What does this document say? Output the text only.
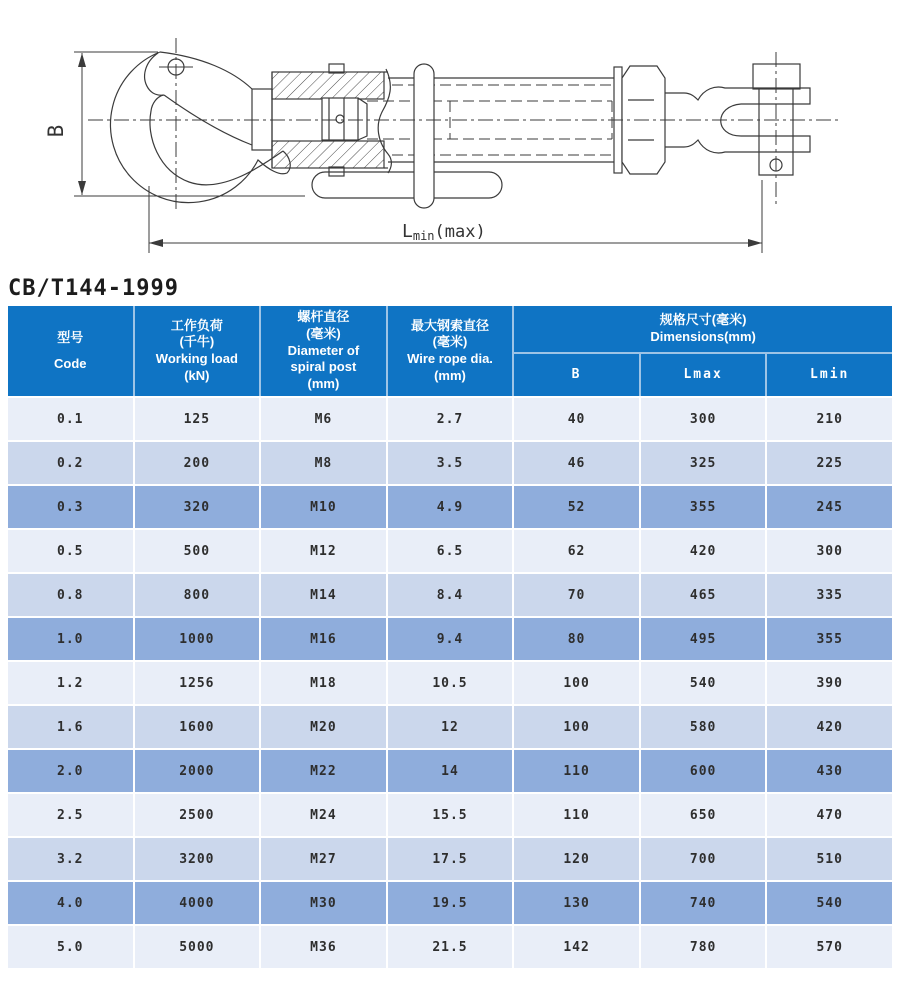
B
Lmin(max)
CB/T144-1999
型号
Code
工作负荷
(千牛)
Working load
(kN)
螺杆直径
(毫米)
Diameter of
spiral post
(mm)
最大钢索直径
(毫米)
Wire rope dia.
(mm)
规格尺寸(毫米)
Dimensions(mm)
B	Lmax	Lmin
0.1	125	M6	2.7	40	300	210
0.2	200	M8	3.5	46	325	225
0.3	320	M10	4.9	52	355	245
0.5	500	M12	6.5	62	420	300
0.8	800	M14	8.4	70	465	335
1.0	1000	M16	9.4	80	495	355
1.2	1256	M18	10.5	100	540	390
1.6	1600	M20	12	100	580	420
2.0	2000	M22	14	110	600	430
2.5	2500	M24	15.5	110	650	470
3.2	3200	M27	17.5	120	700	510
4.0	4000	M30	19.5	130	740	540
5.0	5000	M36	21.5	142	780	570
